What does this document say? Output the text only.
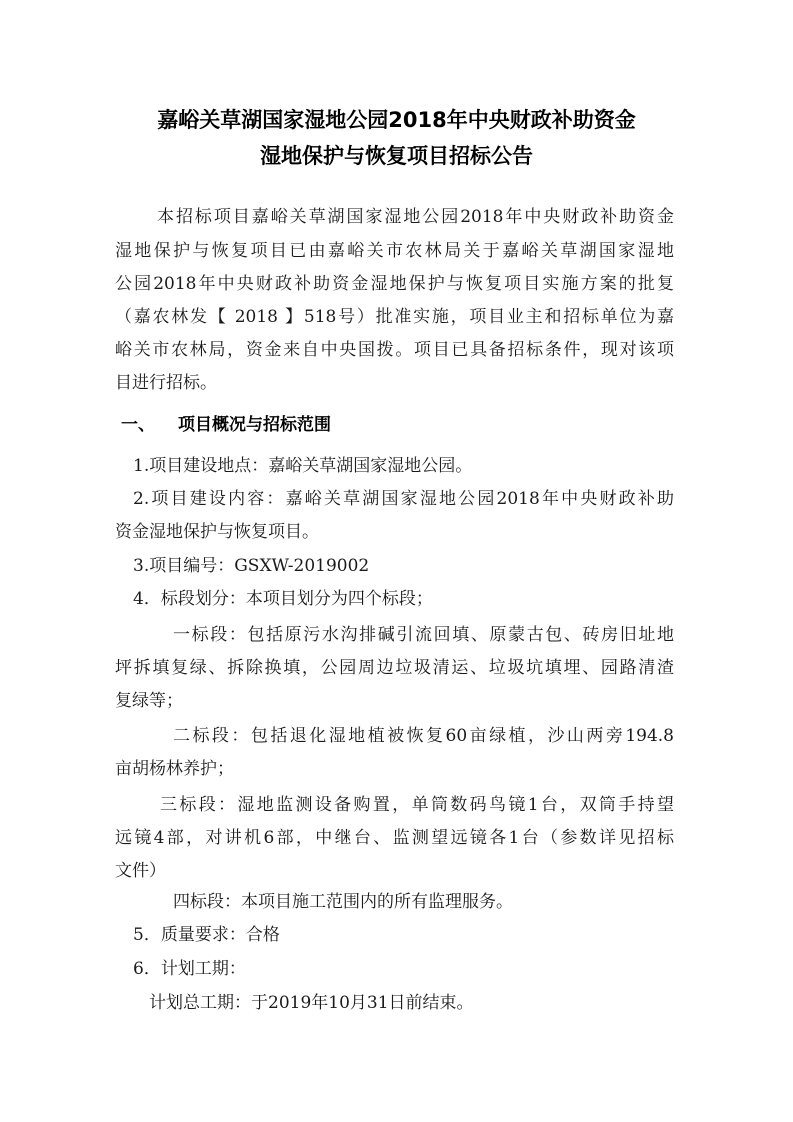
嘉峪关草湖国家湿地公园2018年中央财政补助资金
湿地保护与恢复项目招标公告
本招标项目嘉峪关草湖国家湿地公园2018年中央财政补助资金
湿地保护与恢复项目已由嘉峪关市农林局关于嘉峪关草湖国家湿地
公园2018年中央财政补助资金湿地保护与恢复项目实施方案的批复
（嘉农林发【 2018 】518号）批准实施，项目业主和招标单位为嘉
峪关市农林局，资金来自中央国拨。项目已具备招标条件，现对该项
目进行招标。
一、 项目概况与招标范围
1.项目建设地点：嘉峪关草湖国家湿地公园。
2.项目建设内容：嘉峪关草湖国家湿地公园2018年中央财政补助
资金湿地保护与恢复项目。
3.项目编号：GSXW-2019002
4．标段划分：本项目划分为四个标段；
一标段：包括原污水沟排碱引流回填、原蒙古包、砖房旧址地
坪拆填复绿、拆除换填，公园周边垃圾清运、垃圾坑填埋、园路清渣
复绿等；
二标段：包括退化湿地植被恢复60亩绿植，沙山两旁194.8
亩胡杨林养护；
三标段：湿地监测设备购置，单筒数码鸟镜1台，双筒手持望
远镜4部，对讲机6部，中继台、监测望远镜各1台（参数详见招标
文件）
四标段：本项目施工范围内的所有监理服务。
5．质量要求：合格
6．计划工期：
计划总工期：于2019年10月31日前结束。
